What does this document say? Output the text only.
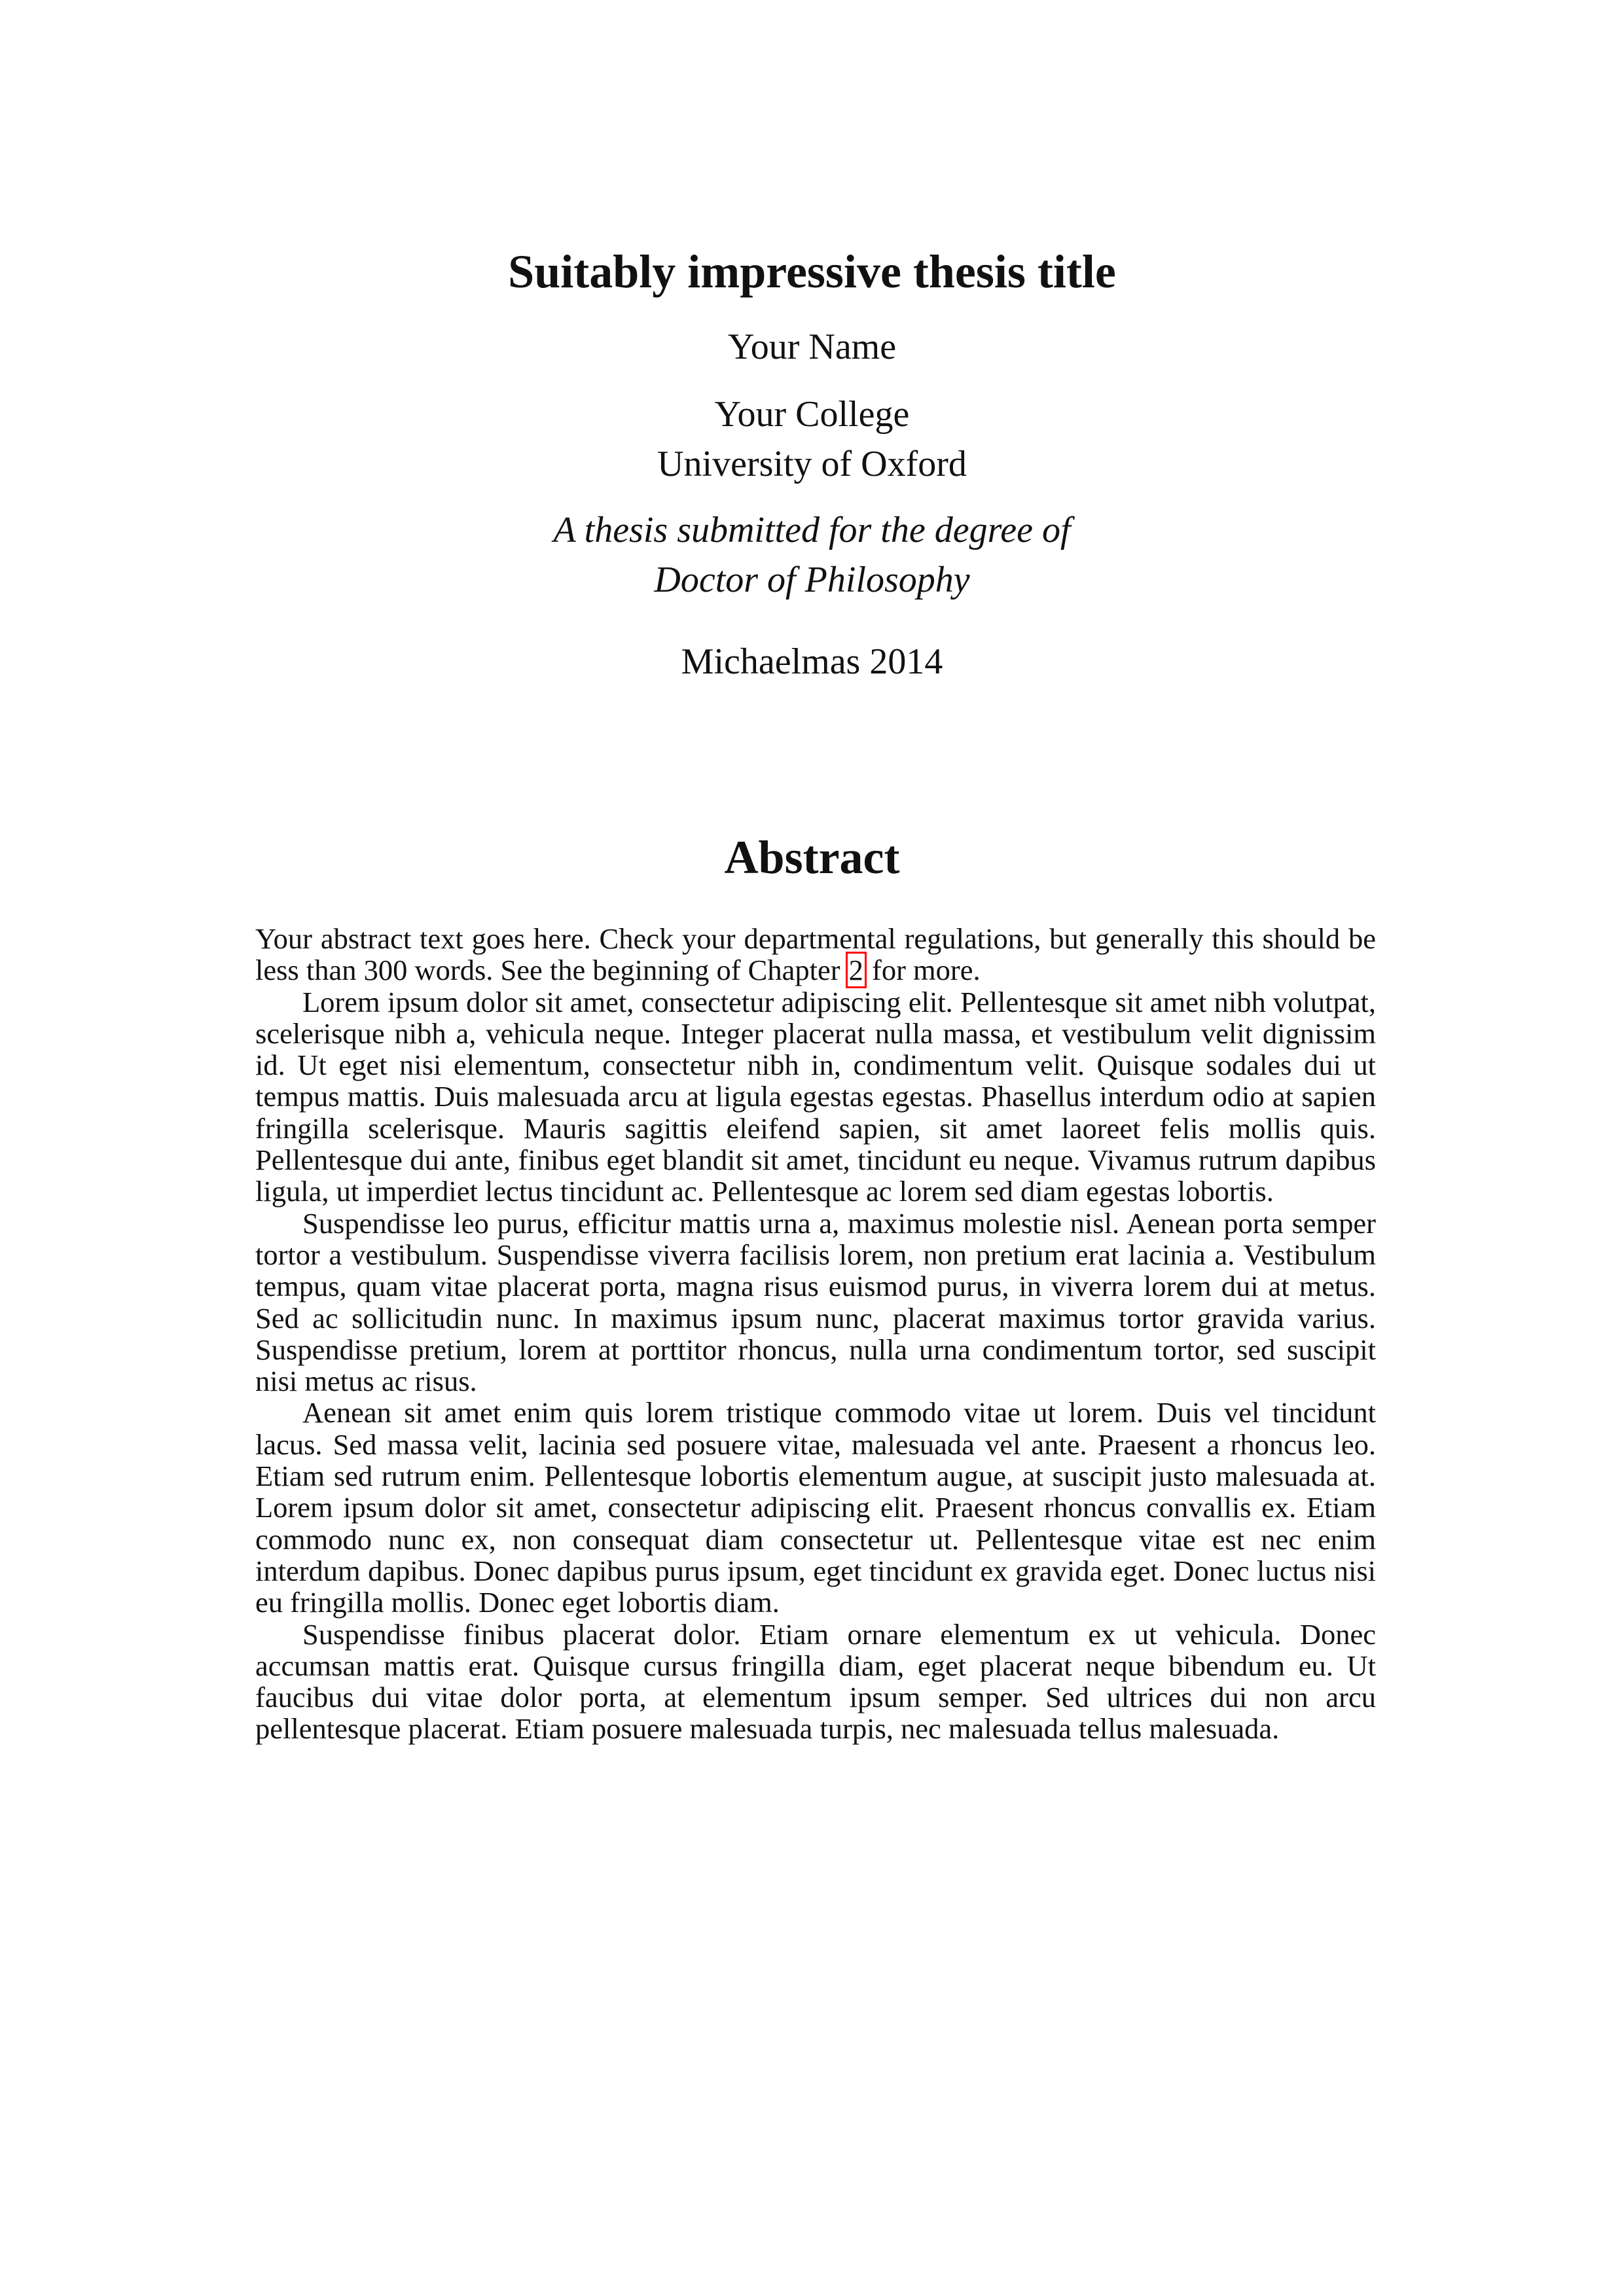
Suitably impressive thesis title
Your Name
Your College
University of Oxford
A thesis submitted for the degree of
Doctor of Philosophy
Michaelmas 2014
Abstract

Your abstract text goes here. Check your departmental regulations, but generally this should be less than 300 words. See the beginning of Chapter 2 for more.

Lorem ipsum dolor sit amet, consectetur adipiscing elit. Pellentesque sit amet nibh volutpat, scelerisque nibh a, vehicula neque. Integer placerat nulla massa, et vestibulum velit dignissim id. Ut eget nisi elementum, consectetur nibh in, condimentum velit. Quisque sodales dui ut tempus mattis. Duis malesuada arcu at ligula egestas egestas. Phasellus interdum odio at sapien fringilla scelerisque. Mauris sagittis eleifend sapien, sit amet laoreet felis mollis quis. Pellentesque dui ante, finibus eget blandit sit amet, tincidunt eu neque. Vivamus rutrum dapibus ligula, ut imperdiet lectus tincidunt ac. Pellentesque ac lorem sed diam egestas lobortis.

Suspendisse leo purus, efficitur mattis urna a, maximus molestie nisl. Aenean porta semper tortor a vestibulum. Suspendisse viverra facilisis lorem, non pretium erat lacinia a. Vestibulum tempus, quam vitae placerat porta, magna risus euismod purus, in viverra lorem dui at metus. Sed ac sollicitudin nunc. In maximus ipsum nunc, placerat maximus tortor gravida varius. Suspendisse pretium, lorem at porttitor rhoncus, nulla urna condimentum tortor, sed suscipit nisi metus ac risus.

Aenean sit amet enim quis lorem tristique commodo vitae ut lorem. Duis vel tincidunt lacus. Sed massa velit, lacinia sed posuere vitae, malesuada vel ante. Praesent a rhoncus leo. Etiam sed rutrum enim. Pellentesque lobortis elementum augue, at suscipit justo malesuada at. Lorem ipsum dolor sit amet, consectetur adipiscing elit. Praesent rhoncus convallis ex. Etiam commodo nunc ex, non consequat diam consectetur ut. Pellentesque vitae est nec enim interdum dapibus. Donec dapibus purus ipsum, eget tincidunt ex gravida eget. Donec luctus nisi eu fringilla mollis. Donec eget lobortis diam.

Suspendisse finibus placerat dolor. Etiam ornare elementum ex ut vehicula. Donec accumsan mattis erat. Quisque cursus fringilla diam, eget placerat neque bibendum eu. Ut faucibus dui vitae dolor porta, at elementum ipsum semper. Sed ultrices dui non arcu pellentesque placerat. Etiam posuere malesuada turpis, nec malesuada tellus malesuada.
